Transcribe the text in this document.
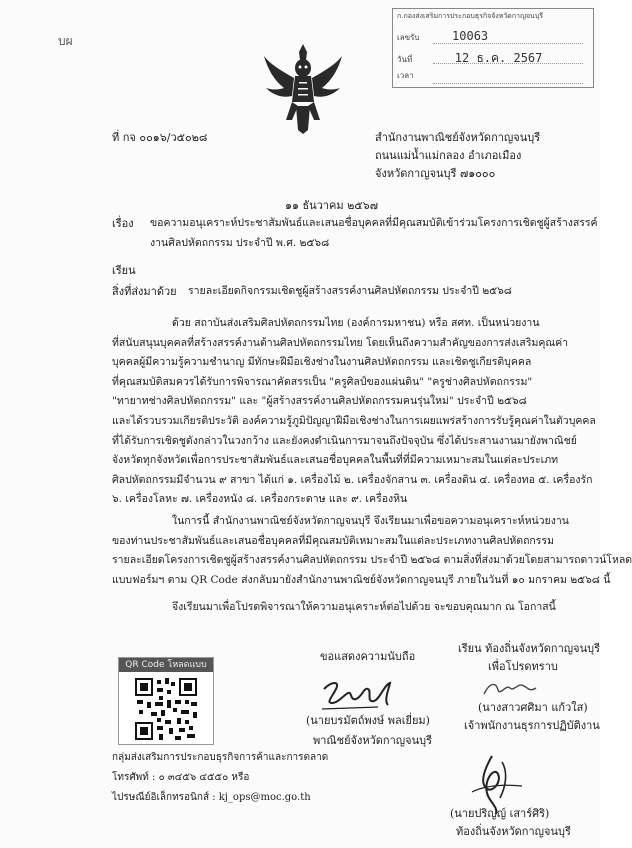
บผ
ก.กองส่งเสริมการประกอบธุรกิจจังหวัดกาญจนบุรี
เลขรับ	10063
วันที่	12 ธ.ค. 2567
เวลา
ที่ กจ ๐๐๑๖/ว๕๐๒๘	สำนักงานพาณิชย์จังหวัดกาญจนบุรี
ถนนแม่น้ำแม่กลอง อำเภอเมือง
จังหวัดกาญจนบุรี ๗๑๐๐๐
๑๑ ธันวาคม ๒๕๖๗
เรื่อง ขอความอนุเคราะห์ประชาสัมพันธ์และเสนอชื่อบุคคลที่มีคุณสมบัติเข้าร่วมโครงการเชิดชูผู้สร้างสรรค์
งานศิลปหัตถกรรม ประจำปี พ.ศ. ๒๕๖๘
เรียน
สิ่งที่ส่งมาด้วย รายละเอียดกิจกรรมเชิดชูผู้สร้างสรรค์งานศิลปหัตถกรรม ประจำปี ๒๕๖๘
ด้วย สถาบันส่งเสริมศิลปหัตถกรรมไทย (องค์การมหาชน) หรือ สศท. เป็นหน่วยงาน
ที่สนับสนุนบุคคลที่สร้างสรรค์งานด้านศิลปหัตถกรรมไทย โดยเห็นถึงความสำคัญของการส่งเสริมคุณค่า
บุคคลผู้มีความรู้ความชำนาญ มีทักษะฝีมือเชิงช่างในงานศิลปหัตถกรรม และเชิดชูเกียรติบุคคล
ที่คุณสมบัติสมควรได้รับการพิจารณาคัดสรรเป็น "ครูศิลป์ของแผ่นดิน" "ครูช่างศิลปหัตถกรรม"
"ทายาทช่างศิลปหัตถกรรม" และ "ผู้สร้างสรรค์งานศิลปหัตถกรรมคนรุ่นใหม่" ประจำปี ๒๕๖๘
และได้รวบรวมเกียรติประวัติ องค์ความรู้ภูมิปัญญาฝีมือเชิงช่างในการเผยแพร่สร้างการรับรู้คุณค่าในตัวบุคคล
ที่ได้รับการเชิดชูดังกล่าวในวงกว้าง และยังคงดำเนินการมาจนถึงปัจจุบัน ซึ่งได้ประสานงานมายังพาณิชย์
จังหวัดทุกจังหวัดเพื่อการประชาสัมพันธ์และเสนอชื่อบุคคลในพื้นที่ที่มีความเหมาะสมในแต่ละประเภท
ศิลปหัตถกรรมมีจำนวน ๙ สาขา ได้แก่ ๑. เครื่องไม้ ๒. เครื่องจักสาน ๓. เครื่องดิน ๔. เครื่องทอ ๕. เครื่องรัก
๖. เครื่องโลหะ ๗. เครื่องหนัง ๘. เครื่องกระดาษ และ ๙. เครื่องหิน
ในการนี้ สำนักงานพาณิชย์จังหวัดกาญจนบุรี จึงเรียนมาเพื่อขอความอนุเคราะห์หน่วยงาน
ของท่านประชาสัมพันธ์และเสนอชื่อบุคคลที่มีคุณสมบัติเหมาะสมในแต่ละประเภทงานศิลปหัตถกรรม
รายละเอียดโครงการเชิดชูผู้สร้างสรรค์งานศิลปหัตถกรรม ประจำปี ๒๕๖๘ ตามสิ่งที่ส่งมาด้วยโดยสามารถดาวน์โหลด
แบบฟอร์มฯ ตาม QR Code ส่งกลับมายังสำนักงานพาณิชย์จังหวัดกาญจนบุรี ภายในวันที่ ๑๐ มกราคม ๒๕๖๘ นี้
จึงเรียนมาเพื่อโปรดพิจารณาให้ความอนุเคราะห์ต่อไปด้วย จะขอบคุณมาก ณ โอกาสนี้
QR Code โหลดแบบ
ขอแสดงความนับถือ
(นายบรมัตถ์พงษ์ พลเยี่ยม)
พาณิชย์จังหวัดกาญจนบุรี
เรียน ท้องถิ่นจังหวัดกาญจนบุรี
เพื่อโปรดทราบ
(นางสาวศศิมา แก้วใส)
เจ้าพนักงานธุรการปฏิบัติงาน
กลุ่มส่งเสริมการประกอบธุรกิจการค้าและการตลาด
โทรศัพท์ : ๐ ๓๔๕๖ ๔๕๕๐ หรือ
ไปรษณีย์อิเล็กทรอนิกส์ : kj_ops@moc.go.th
(นายปริญญ์ เสาร์ศิริ)
ท้องถิ่นจังหวัดกาญจนบุรี
